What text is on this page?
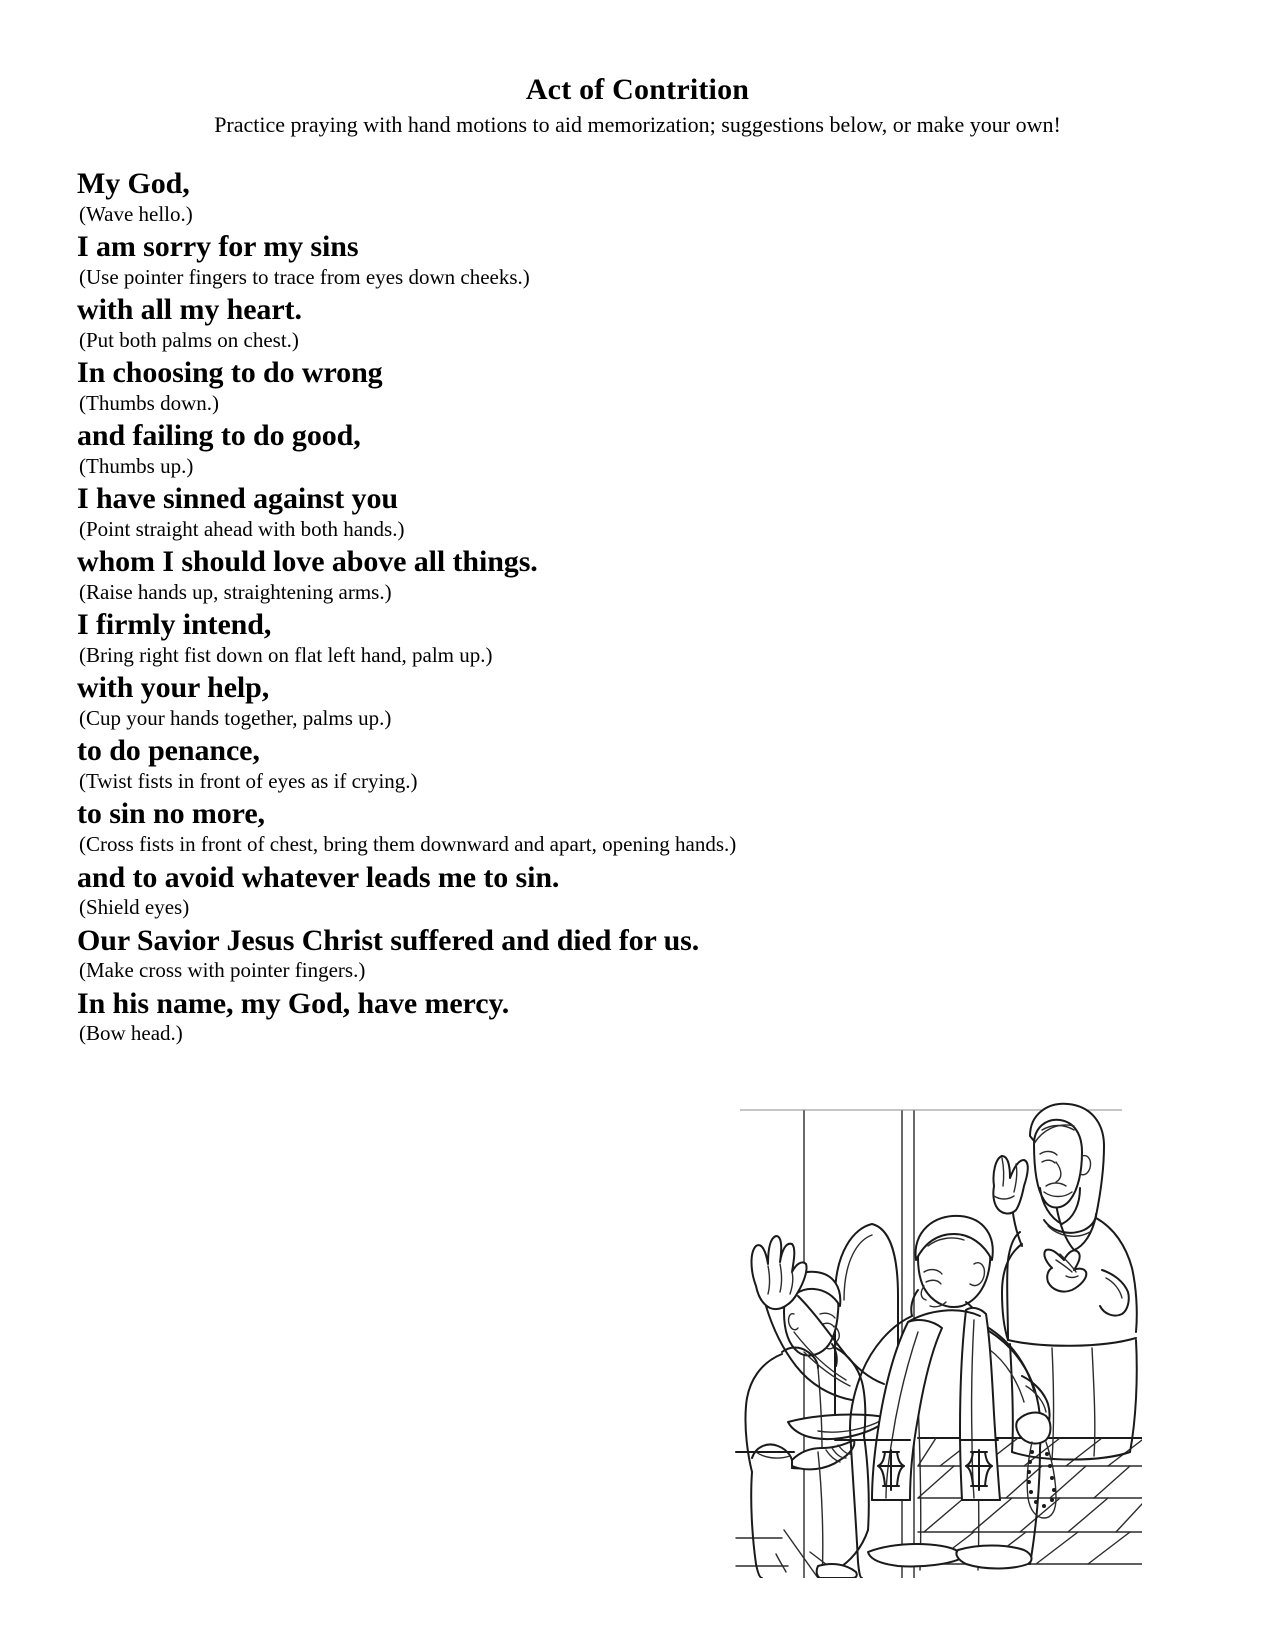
Act of Contrition

Practice praying with hand motions to aid memorization; suggestions below, or make your own!

My God,
(Wave hello.)
I am sorry for my sins
(Use pointer fingers to trace from eyes down cheeks.)
with all my heart.
(Put both palms on chest.)
In choosing to do wrong
(Thumbs down.)
and failing to do good,
(Thumbs up.)
I have sinned against you
(Point straight ahead with both hands.)
whom I should love above all things.
(Raise hands up, straightening arms.)
I firmly intend,
(Bring right fist down on flat left hand, palm up.)
with your help,
(Cup your hands together, palms up.)
to do penance,
(Twist fists in front of eyes as if crying.)
to sin no more,
(Cross fists in front of chest, bring them downward and apart, opening hands.)
and to avoid whatever leads me to sin.
(Shield eyes)
Our Savior Jesus Christ suffered and died for us.
(Make cross with pointer fingers.)
In his name, my God, have mercy.
(Bow head.)
